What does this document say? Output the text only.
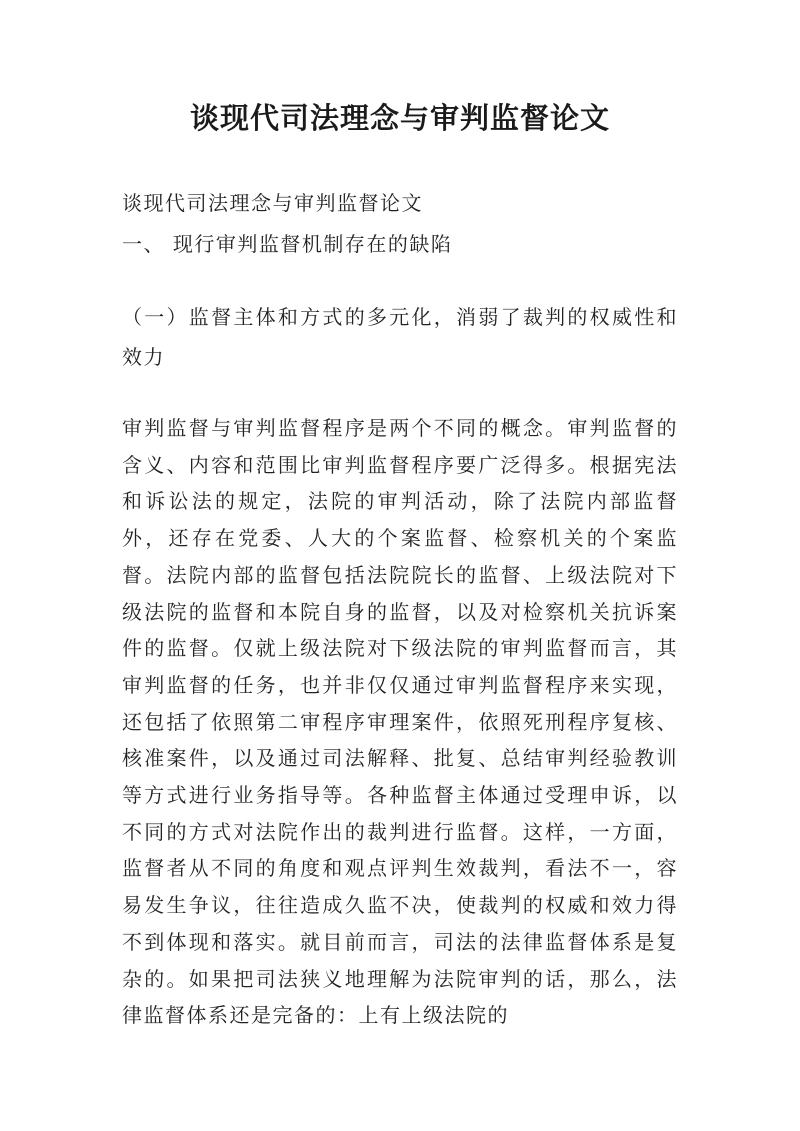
谈现代司法理念与审判监督论文
谈现代司法理念与审判监督论文
一、 现行审判监督机制存在的缺陷
（一）监督主体和方式的多元化，消弱了裁判的权威性和效力
审判监督与审判监督程序是两个不同的概念。审判监督的含义、内容和范围比审判监督程序要广泛得多。根据宪法和诉讼法的规定，法院的审判活动，除了法院内部监督外，还存在党委、人大的个案监督、检察机关的个案监督。法院内部的监督包括法院院长的监督、上级法院对下级法院的监督和本院自身的监督，以及对检察机关抗诉案件的监督。仅就上级法院对下级法院的审判监督而言，其审判监督的任务，也并非仅仅通过审判监督程序来实现，还包括了依照第二审程序审理案件，依照死刑程序复核、核准案件，以及通过司法解释、批复、总结审判经验教训等方式进行业务指导等。各种监督主体通过受理申诉，以不同的方式对法院作出的裁判进行监督。这样，一方面，监督者从不同的角度和观点评判生效裁判，看法不一，容易发生争议，往往造成久监不决，使裁判的权威和效力得不到体现和落实。就目前而言，司法的法律监督体系是复杂的。如果把司法狭义地理解为法院审判的话，那么，法律监督体系还是完备的：上有上级法院的
